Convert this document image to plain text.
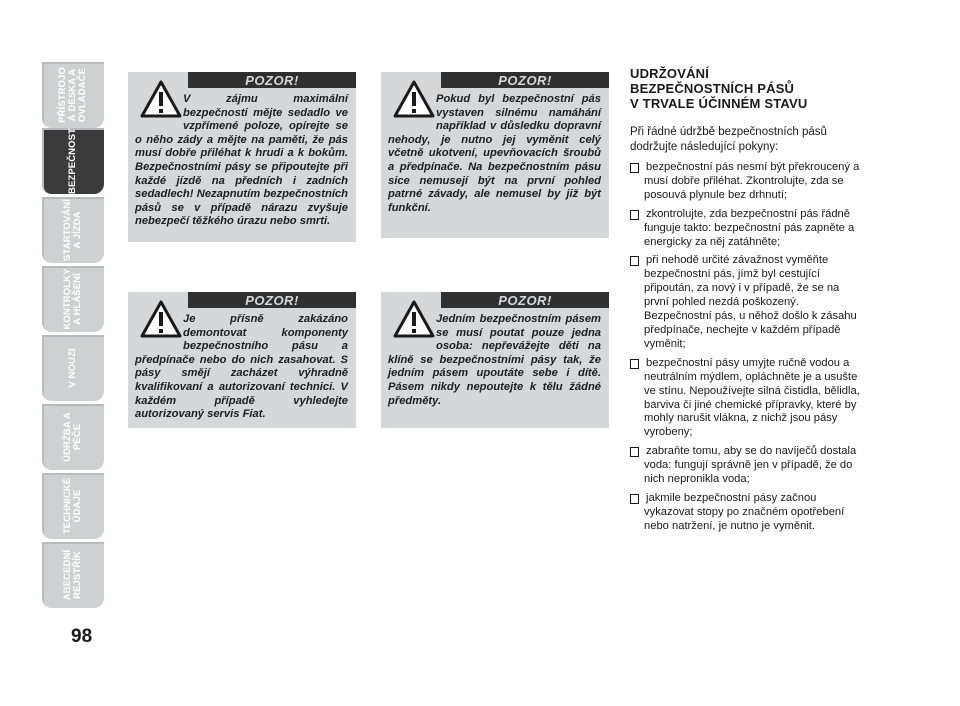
PŘÍSTROJO
Á DESKA A
OVLADAČE
BEZPEČNOST
STARTOVÁNÍ
A JÍZDA
KONTROLKY
A HLÁŠENÍ
V NOUZI
ÚDRŽBA A
PÉČE
TECHNICKÉ
ÚDAJE
ABECEDNÍ
REJSTŘÍK
98
POZOR!
V zájmu maximální bezpečnosti mějte sedadlo ve vzpřímené poloze, opírejte se o něho zády a mějte na paměti, že pás musí dobře přiléhat k hrudi a k bokům. Bezpečnostními pásy se připoutejte při každé jízdě na předních i zadních sedadlech! Nezapnutím bezpečnostních pásů se v případě nárazu zvyšuje nebezpečí těžkého úrazu nebo smrti.
POZOR!
Pokud byl bezpečnostní pás vystaven silnému namáhání například v důsledku dopravní nehody, je nutno jej vyměnit celý včetně ukotvení, upevňovacích šroubů a předpínače. Na bezpečnostním pásu sice nemusejí být na první pohled patrné závady, ale nemusel by již být funkční.
POZOR!
Je přísně zakázáno demontovat komponenty bezpečnostního pásu a předpínače nebo do nich zasahovat. S pásy smějí zacházet výhradně kvalifikovaní a autorizovaní technici. V každém případě vyhledejte autorizovaný servis Fiat.
POZOR!
Jedním bezpečnostním pásem se musí poutat pouze jedna osoba: nepřevážejte děti na klíně se bezpečnostními pásy tak, že jedním pásem upoutáte sebe i dítě. Pásem nikdy nepoutejte k tělu žádné předměty.
UDRŽOVÁNÍ
BEZPEČNOSTNÍCH PÁSŮ
V TRVALE ÚČINNÉM STAVU
Při řádné údržbě bezpečnostních pásů dodržujte následující pokyny:
bezpečnostní pás nesmí být překroucený a musí dobře přiléhat. Zkontrolujte, zda se posouvá plynule bez drhnutí;
zkontrolujte, zda bezpečnostní pás řádně funguje takto: bezpečnostní pás zapněte a energicky za něj zatáhněte;
při nehodě určité závažnost vyměňte bezpečnostní pás, jímž byl cestující připoután, za nový i v případě, že se na první pohled nezdá poškozený. Bezpečnostní pás, u něhož došlo k zásahu předpínače, nechejte v každém případě vyměnit;
bezpečnostní pásy umyjte ručně vodou a neutrálním mýdlem, opláchněte je a usušte ve stínu. Nepoužívejte silná čistidla, bělidla, barviva či jiné chemické přípravky, které by mohly narušit vlákna, z nichž jsou pásy vyrobeny;
zabraňte tomu, aby se do navíječů dostala voda: fungují správně jen v případě, že do nich nepronikla voda;
jakmile bezpečnostní pásy začnou vykazovat stopy po značném opotřebení nebo natržení, je nutno je vyměnit.
